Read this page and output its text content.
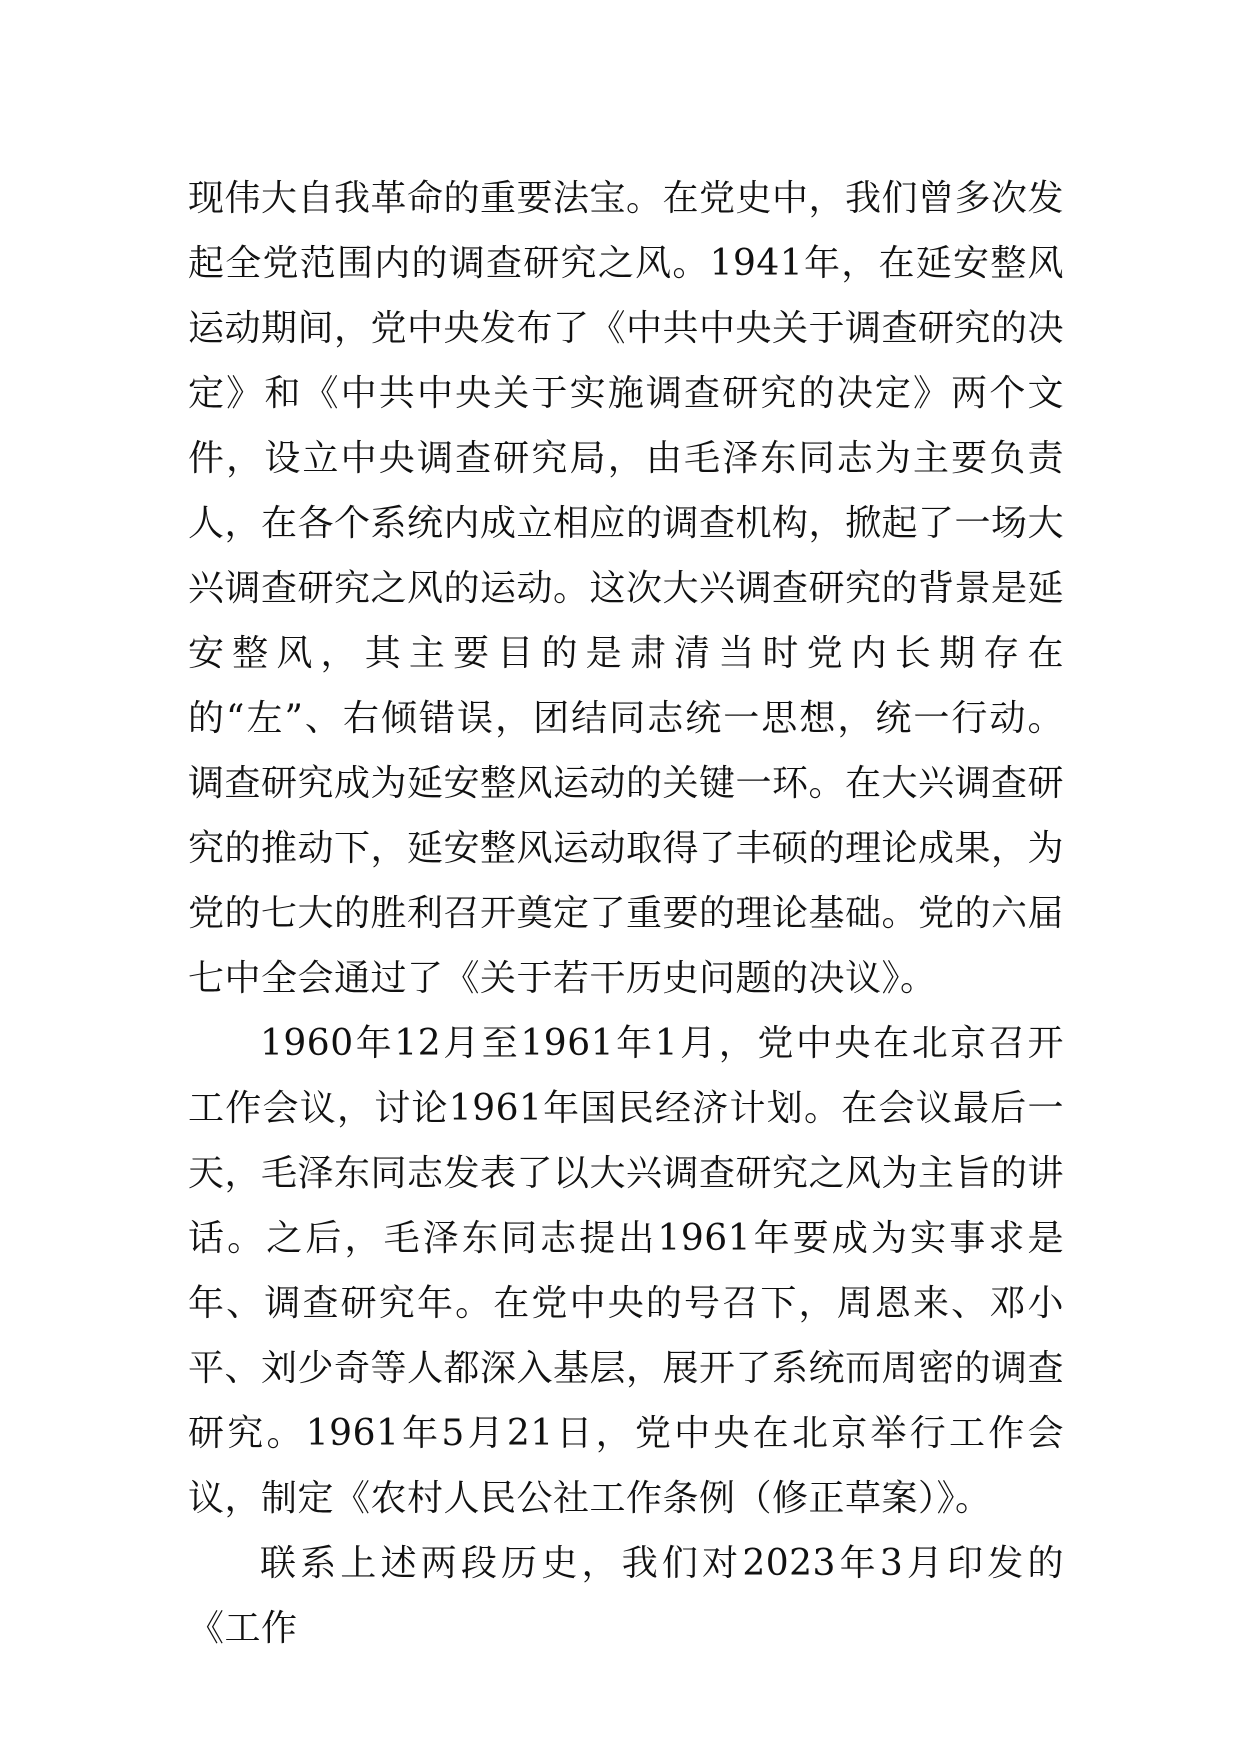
现伟大自我革命的重要法宝。在党史中，我们曾多次发起全党范围内的调查研究之风。1941年，在延安整风运动期间，党中央发布了《中共中央关于调查研究的决定》和《中共中央关于实施调查研究的决定》两个文件，设立中央调查研究局，由毛泽东同志为主要负责人，在各个系统内成立相应的调查机构，掀起了一场大兴调查研究之风的运动。这次大兴调查研究的背景是延安整风，其主要目的是肃清当时党内长期存在的“左”、右倾错误，团结同志统一思想，统一行动。调查研究成为延安整风运动的关键一环。在大兴调查研究的推动下，延安整风运动取得了丰硕的理论成果，为党的七大的胜利召开奠定了重要的理论基础。党的六届七中全会通过了《关于若干历史问题的决议》。

1960年12月至1961年1月，党中央在北京召开工作会议，讨论1961年国民经济计划。在会议最后一天，毛泽东同志发表了以大兴调查研究之风为主旨的讲话。之后，毛泽东同志提出1961年要成为实事求是年、调查研究年。在党中央的号召下，周恩来、邓小平、刘少奇等人都深入基层，展开了系统而周密的调查研究。1961年5月21日，党中央在北京举行工作会议，制定《农村人民公社工作条例（修正草案）》。

联系上述两段历史，我们对2023年3月印发的《工作
